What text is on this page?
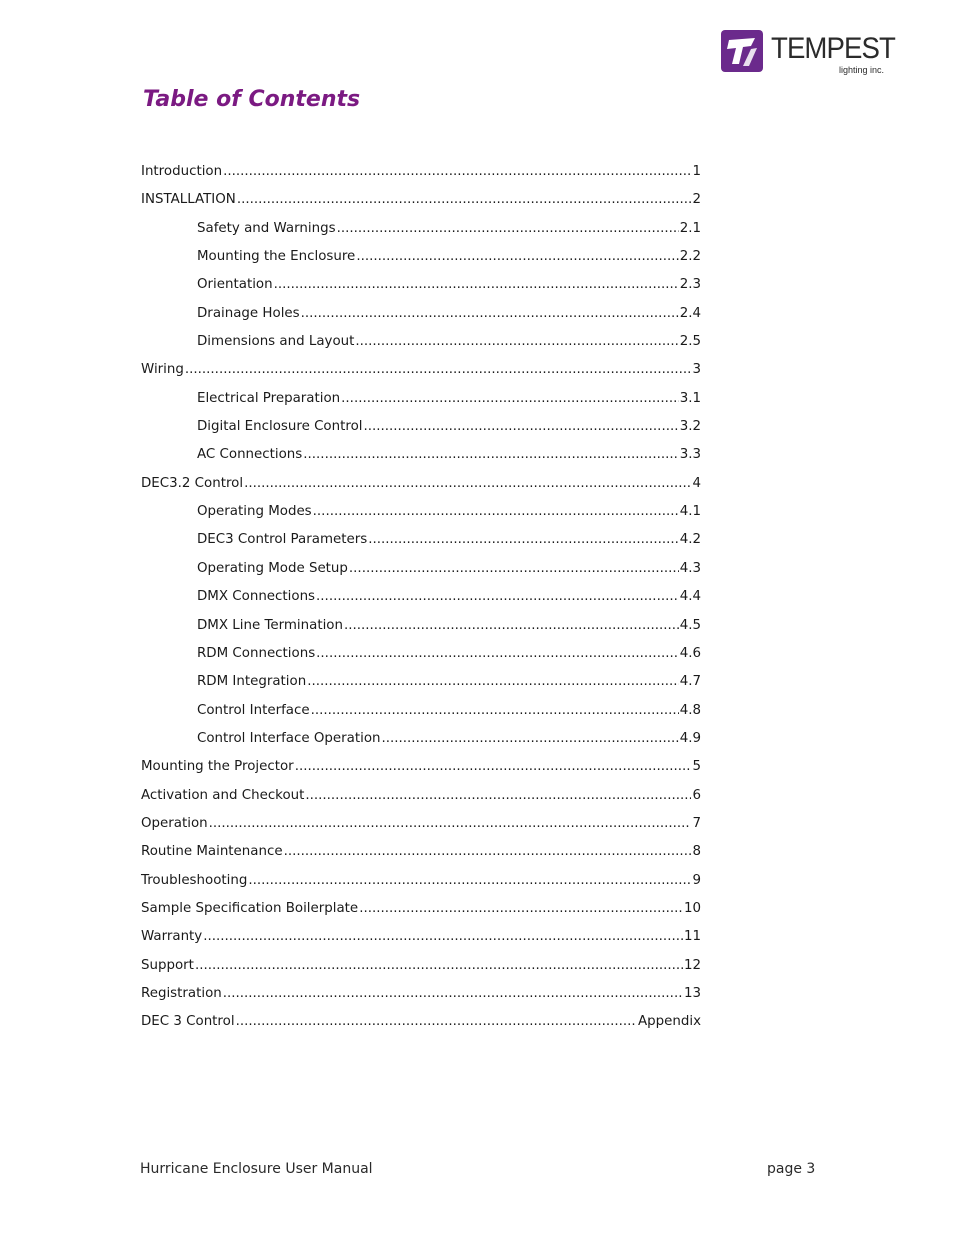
TEMPEST
lighting inc.
Table of Contents
Introduction .....	1
INSTALLATION .....	2
Safety and Warnings .....	2.1
Mounting the Enclosure .....	2.2
Orientation .....	2.3
Drainage Holes .....	2.4
Dimensions and Layout .....	2.5
Wiring .....	3
Electrical Preparation .....	3.1
Digital Enclosure Control .....	3.2
AC Connections .....	3.3
DEC3.2 Control .....	4
Operating Modes .....	4.1
DEC3 Control Parameters .....	4.2
Operating Mode Setup .....	4.3
DMX Connections .....	4.4
DMX Line Termination .....	4.5
RDM Connections .....	4.6
RDM Integration .....	4.7
Control Interface .....	4.8
Control Interface Operation .....	4.9
Mounting the Projector .....	5
Activation and Checkout .....	6
Operation .....	7
Routine Maintenance .....	8
Troubleshooting .....	9
Sample Specification Boilerplate .....	10
Warranty .....	11
Support .....	12
Registration .....	13
DEC 3 Control .....	Appendix
Hurricane Enclosure User Manual	page 3
